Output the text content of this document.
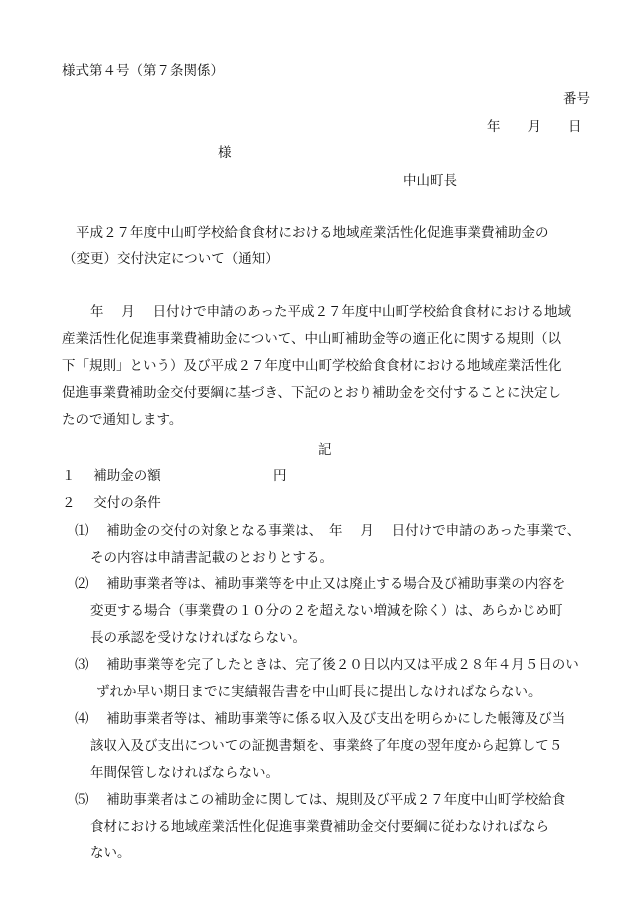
様式第４号（第７条関係）
番号
年　　月　　日
様
中山町長
平成２７年度中山町学校給食食材における地域産業活性化促進事業費補助金の
（変更）交付決定について（通知）
年　 月　 日付けで申請のあった平成２７年度中山町学校給食食材における地域
産業活性化促進事業費補助金について、中山町補助金等の適正化に関する規則（以
下「規則」という）及び平成２７年度中山町学校給食食材における地域産業活性化
促進事業費補助金交付要綱に基づき、下記のとおり補助金を交付することに決定し
たので通知します。
記
１　 補助金の額	円
２　 交付の条件
⑴　 補助金の交付の対象となる事業は、　年　 月　 日付けで申請のあった事業で、
その内容は申請書記載のとおりとする。
⑵　 補助事業者等は、補助事業等を中止又は廃止する場合及び補助事業の内容を
変更する場合（事業費の１０分の２を超えない増減を除く）は、あらかじめ町
長の承認を受けなければならない。
⑶　 補助事業等を完了したときは、完了後２０日以内又は平成２８年４月５日のい
ずれか早い期日までに実績報告書を中山町長に提出しなければならない。
⑷　 補助事業者等は、補助事業等に係る収入及び支出を明らかにした帳簿及び当
該収入及び支出についての証拠書類を、事業終了年度の翌年度から起算して５
年間保管しなければならない。
⑸　 補助事業者はこの補助金に関しては、規則及び平成２７年度中山町学校給食
食材における地域産業活性化促進事業費補助金交付要綱に従わなければなら
ない。
